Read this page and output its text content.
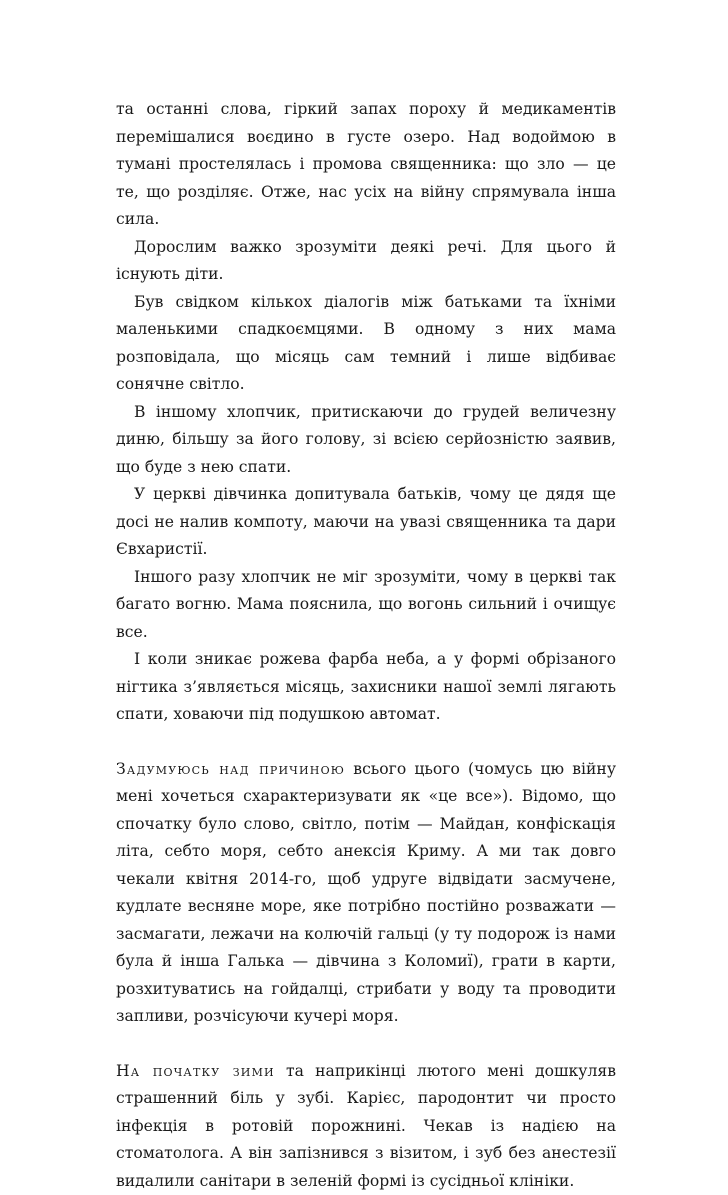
та останні слова, гіркий запах пороху й медикаментів перемішалися воєдино в густе озеро. Над водоймою в тумані простелялась і промова священника: що зло — це те, що розділяє. Отже, нас усіх на війну спрямувала інша сила.

Дорослим важко зрозуміти деякі речі. Для цього й існують діти.

Був свідком кількох діалогів між батьками та їхніми маленькими спадкоємцями. В одному з них мама розповідала, що місяць сам темний і лише відбиває сонячне світло.

В іншому хлопчик, притискаючи до грудей величезну диню, більшу за його голову, зі всією серйозністю заявив, що буде з нею спати.

У церкві дівчинка допитувала батьків, чому це дядя ще досі не налив компоту, маючи на увазі священника та дари Євхаристії.

Іншого разу хлопчик не міг зрозуміти, чому в церкві так багато вогню. Мама пояснила, що вогонь сильний і очищує все.

І коли зникає рожева фарба неба, а у формі обрізаного нігтика з’являється місяць, захисники нашої землі лягають спати, ховаючи під подушкою автомат.

Задумуюсь над причиною всього цього (чомусь цю війну мені хочеться схарактеризувати як «це все»). Відомо, що спочатку було слово, світло, потім — Майдан, конфіскація літа, себто моря, себто анексія Криму. А ми так довго чекали квітня 2014-го, щоб удруге відвідати засмучене, кудлате весняне море, яке потрібно постійно розважати — засмагати, лежачи на колючій гальці (у ту подорож із нами була й інша Галька — дівчина з Коломиї), грати в карти, розхитуватись на гойдалці, стрибати у воду та проводити запливи, розчісуючи кучері моря.

На початку зими та наприкінці лютого мені дошкуляв страшенний біль у зубі. Карієс, пародонтит чи просто інфекція в ротовій порожнині. Чекав із надією на стоматолога. А він запізнився з візитом, і зуб без анестезії видалили санітари в зеленій формі із сусідньої клініки.
